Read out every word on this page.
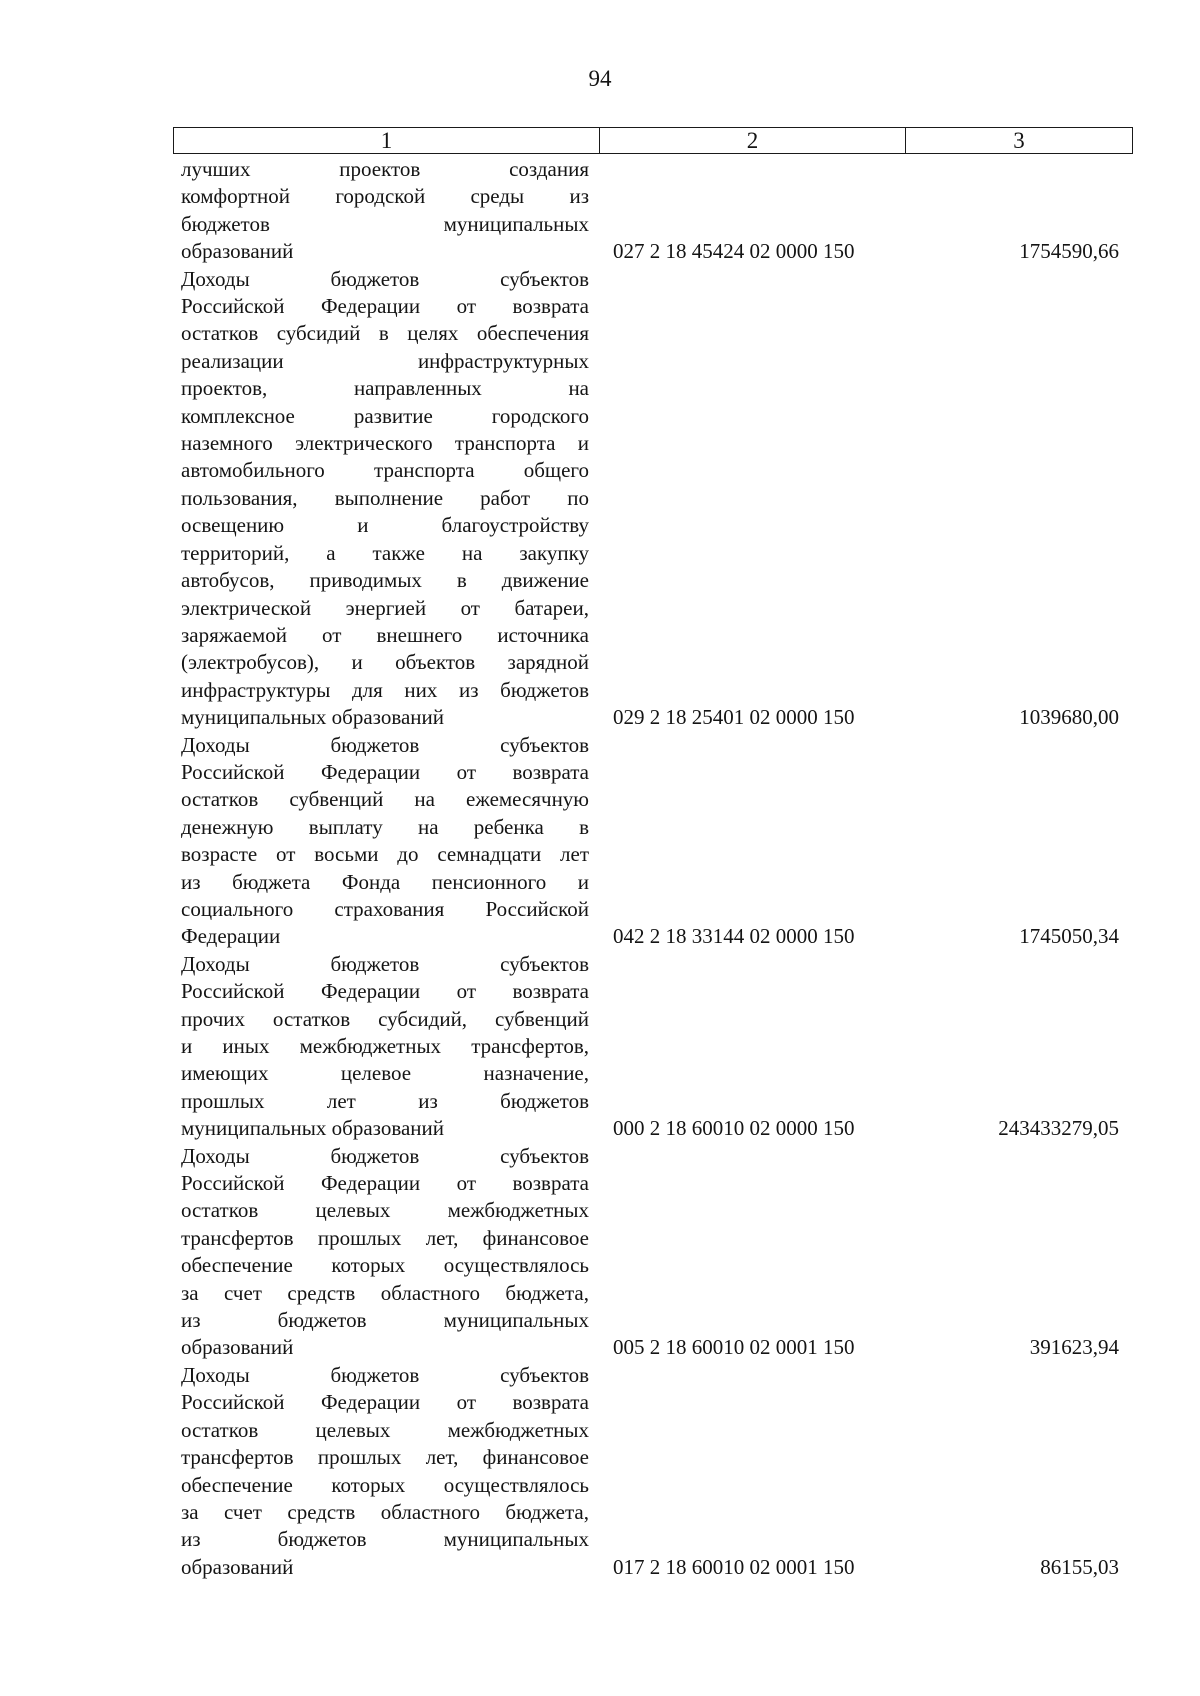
94
1	2	3
лучших проектов создания
комфортной городской среды из
бюджетов муниципальных
образований	027 2 18 45424 02 0000 150	1754590,66
Доходы бюджетов субъектов
Российской Федерации от возврата
остатков субсидий в целях обеспечения
реализации инфраструктурных
проектов, направленных на
комплексное развитие городского
наземного электрического транспорта и
автомобильного транспорта общего
пользования, выполнение работ по
освещению и благоустройству
территорий, а также на закупку
автобусов, приводимых в движение
электрической энергией от батареи,
заряжаемой от внешнего источника
(электробусов), и объектов зарядной
инфраструктуры для них из бюджетов
муниципальных образований	029 2 18 25401 02 0000 150	1039680,00
Доходы бюджетов субъектов
Российской Федерации от возврата
остатков субвенций на ежемесячную
денежную выплату на ребенка в
возрасте от восьми до семнадцати лет
из бюджета Фонда пенсионного и
социального страхования Российской
Федерации	042 2 18 33144 02 0000 150	1745050,34
Доходы бюджетов субъектов
Российской Федерации от возврата
прочих остатков субсидий, субвенций
и иных межбюджетных трансфертов,
имеющих целевое назначение,
прошлых лет из бюджетов
муниципальных образований	000 2 18 60010 02 0000 150	243433279,05
Доходы бюджетов субъектов
Российской Федерации от возврата
остатков целевых межбюджетных
трансфертов прошлых лет, финансовое
обеспечение которых осуществлялось
за счет средств областного бюджета,
из бюджетов муниципальных
образований	005 2 18 60010 02 0001 150	391623,94
Доходы бюджетов субъектов
Российской Федерации от возврата
остатков целевых межбюджетных
трансфертов прошлых лет, финансовое
обеспечение которых осуществлялось
за счет средств областного бюджета,
из бюджетов муниципальных
образований	017 2 18 60010 02 0001 150	86155,03
